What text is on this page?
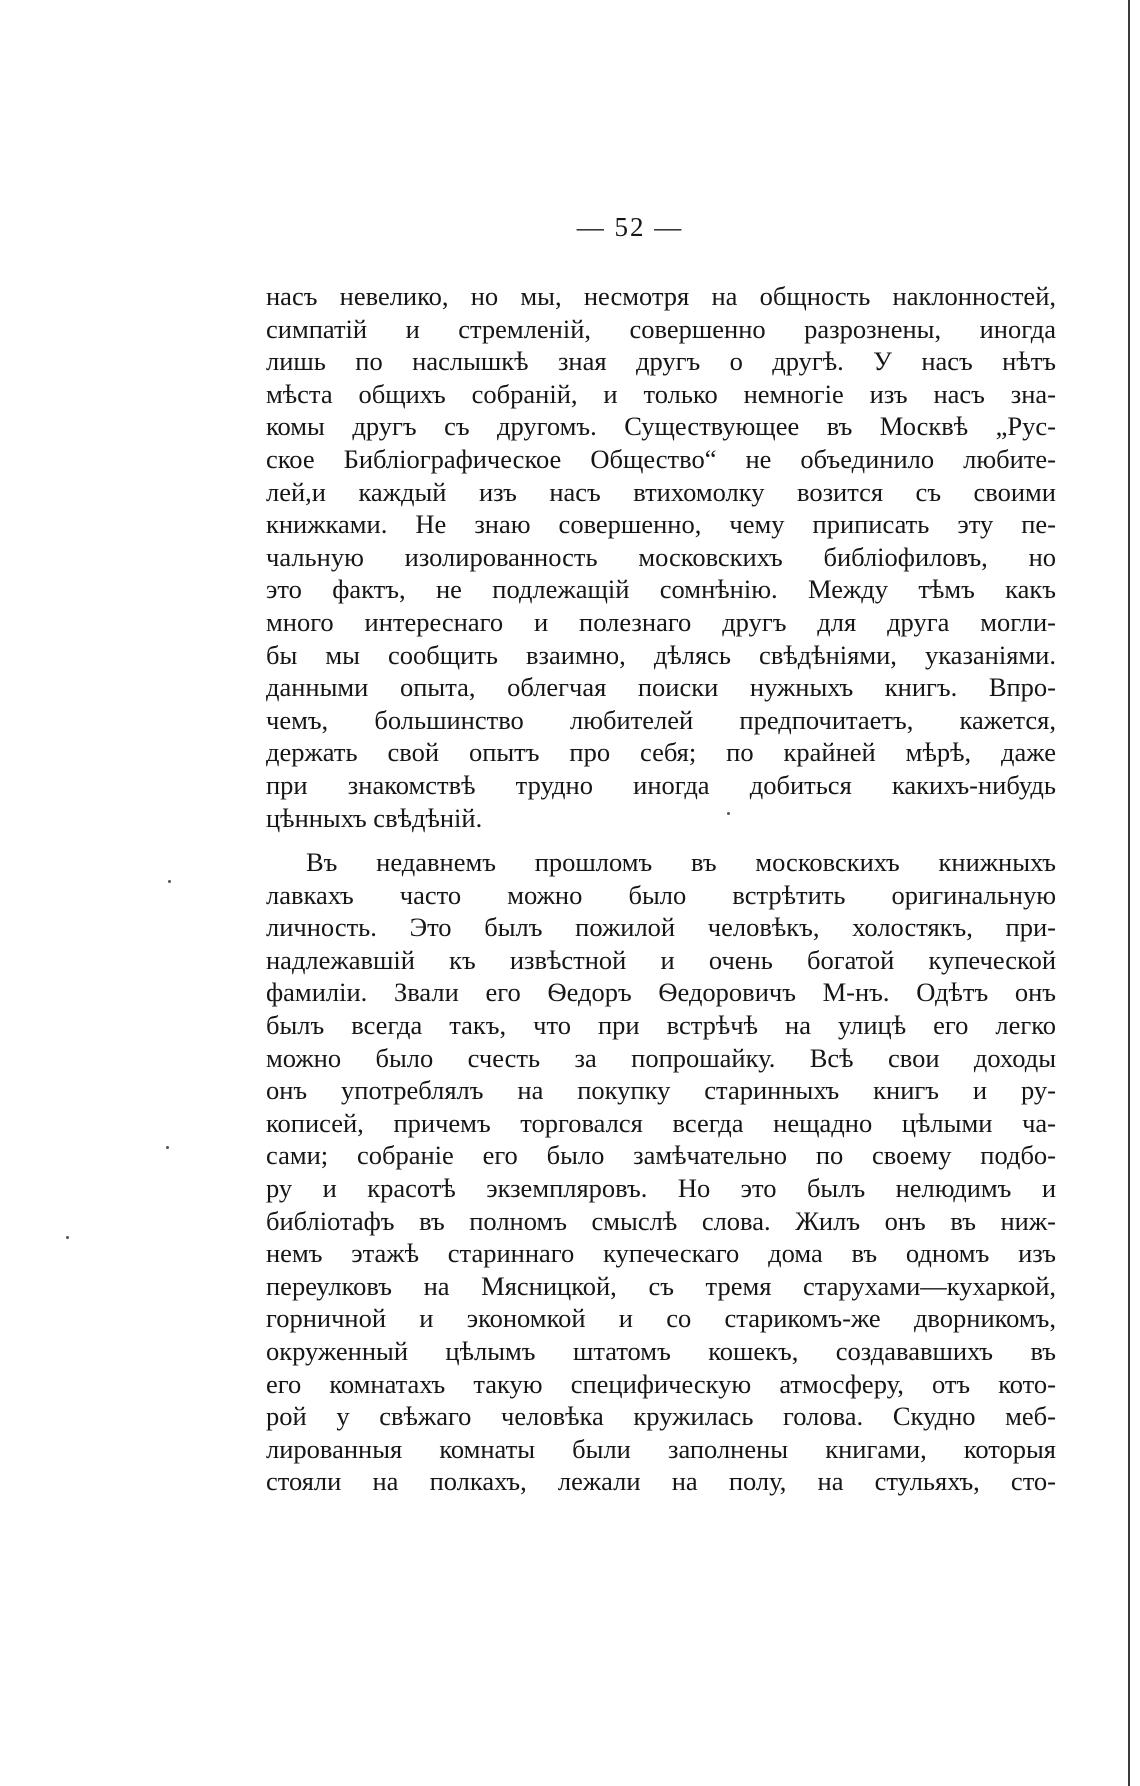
— 52 —
насъ невелико, но мы, несмотря на общность наклонностей,
симпатій и стремленій, совершенно разрознены, иногда
лишь по наслышкѣ зная другъ о другѣ. У насъ нѣтъ
мѣста общихъ собраній, и только немногіе изъ насъ зна-
комы другъ съ другомъ. Существующее въ Москвѣ „Рус-
ское Библіографическое Общество“ не объединило любите-
лей,и каждый изъ насъ втихомолку возится съ своими
книжками. Не знаю совершенно, чему приписать эту пе-
чальную изолированность московскихъ библіофиловъ, но
это фактъ, не подлежащій сомнѣнію. Между тѣмъ какъ
много интереснаго и полезнаго другъ для друга могли-
бы мы сообщить взаимно, дѣлясь свѣдѣніями, указаніями.
данными опыта, облегчая поиски нужныхъ книгъ. Впро-
чемъ, большинство любителей предпочитаетъ, кажется,
держать свой опытъ про себя; по крайней мѣрѣ, даже
при знакомствѣ трудно иногда добиться какихъ-нибудь
цѣнныхъ свѣдѣній.
Въ недавнемъ прошломъ въ московскихъ книжныхъ
лавкахъ часто можно было встрѣтить оригинальную
личность. Это былъ пожилой человѣкъ, холостякъ, при-
надлежавшій къ извѣстной и очень богатой купеческой
фамиліи. Звали его Ѳедоръ Ѳедоровичъ М-нъ. Одѣтъ онъ
былъ всегда такъ, что при встрѣчѣ на улицѣ его легко
можно было счесть за попрошайку. Всѣ свои доходы
онъ употреблялъ на покупку старинныхъ книгъ и ру-
кописей, причемъ торговался всегда нещадно цѣлыми ча-
сами; собраніе его было замѣчательно по своему подбо-
ру и красотѣ экземпляровъ. Но это былъ нелюдимъ и
библіотафъ въ полномъ смыслѣ слова. Жилъ онъ въ ниж-
немъ этажѣ стариннаго купеческаго дома въ одномъ изъ
переулковъ на Мясницкой, съ тремя старухами—кухаркой,
горничной и экономкой и со старикомъ-же дворникомъ,
окруженный цѣлымъ штатомъ кошекъ, создававшихъ въ
его комнатахъ такую специфическую атмосферу, отъ кото-
рой у свѣжаго человѣка кружилась голова. Скудно меб-
лированныя комнаты были заполнены книгами, которыя
стояли на полкахъ, лежали на полу, на стульяхъ, сто-
